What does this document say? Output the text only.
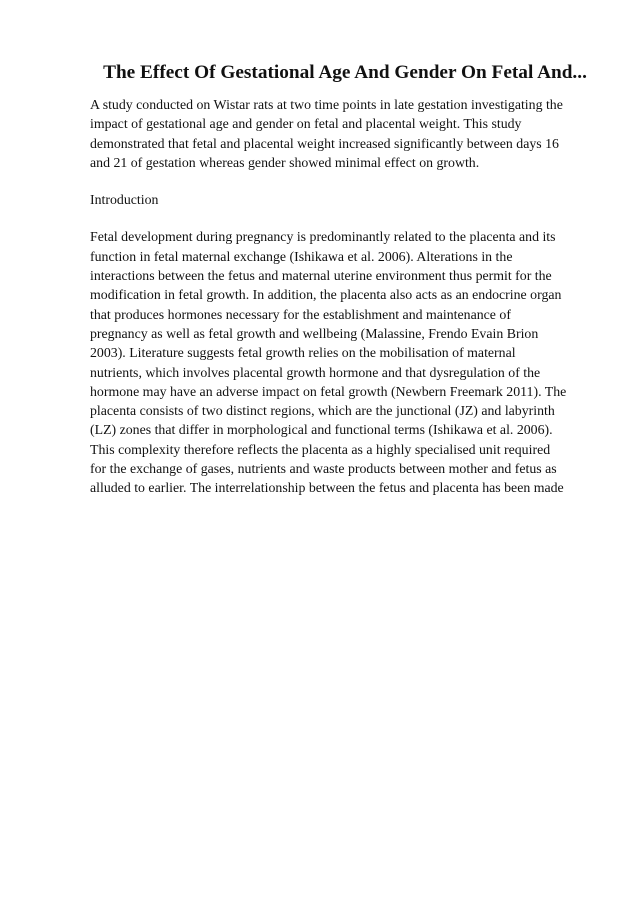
The Effect Of Gestational Age And Gender On Fetal And...

A study conducted on Wistar rats at two time points in late gestation investigating the
impact of gestational age and gender on fetal and placental weight. This study
demonstrated that fetal and placental weight increased significantly between days 16
and 21 of gestation whereas gender showed minimal effect on growth.

Introduction

Fetal development during pregnancy is predominantly related to the placenta and its
function in fetal maternal exchange (Ishikawa et al. 2006). Alterations in the
interactions between the fetus and maternal uterine environment thus permit for the
modification in fetal growth. In addition, the placenta also acts as an endocrine organ
that produces hormones necessary for the establishment and maintenance of
pregnancy as well as fetal growth and wellbeing (Malassine, Frendo Evain Brion
2003). Literature suggests fetal growth relies on the mobilisation of maternal
nutrients, which involves placental growth hormone and that dysregulation of the
hormone may have an adverse impact on fetal growth (Newbern Freemark 2011). The
placenta consists of two distinct regions, which are the junctional (JZ) and labyrinth
(LZ) zones that differ in morphological and functional terms (Ishikawa et al. 2006).
This complexity therefore reflects the placenta as a highly specialised unit required
for the exchange of gases, nutrients and waste products between mother and fetus as
alluded to earlier. The interrelationship between the fetus and placenta has been made
